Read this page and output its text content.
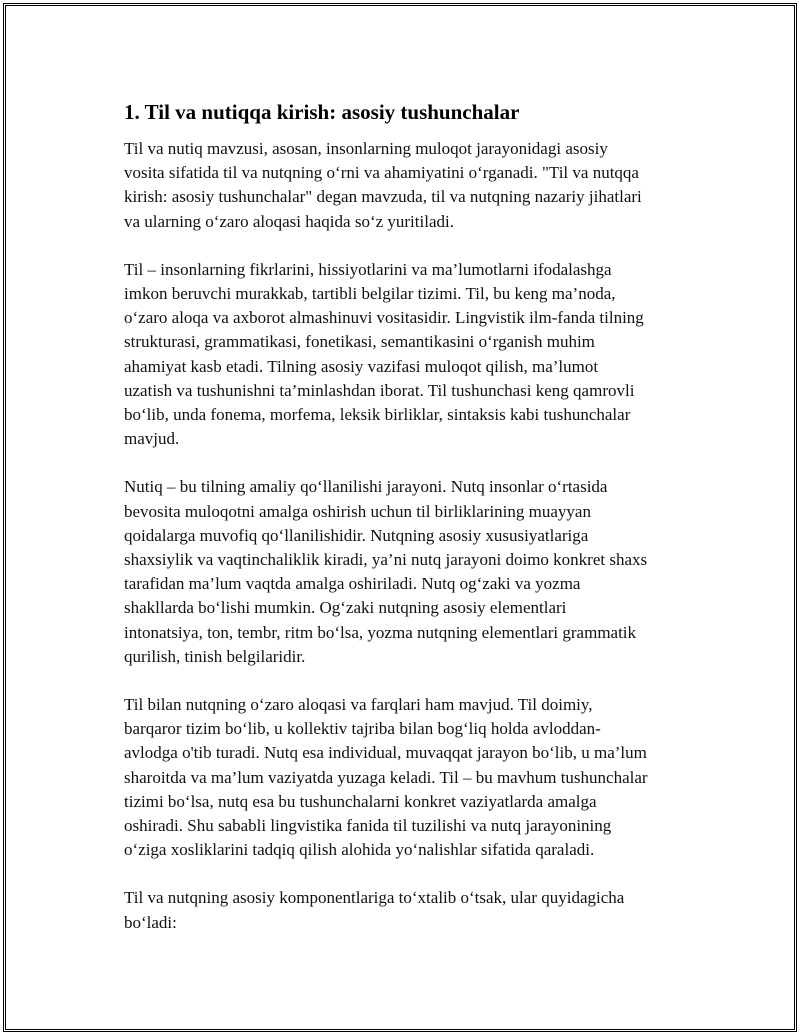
1. Til va nutiqqa kirish: asosiy tushunchalar
Til va nutiq mavzusi, asosan, insonlarning muloqot jarayonidagi asosiy
vosita sifatida til va nutqning o‘rni va ahamiyatini o‘rganadi. "Til va nutqqa
kirish: asosiy tushunchalar" degan mavzuda, til va nutqning nazariy jihatlari
va ularning o‘zaro aloqasi haqida so‘z yuritiladi.
Til – insonlarning fikrlarini, hissiyotlarini va ma’lumotlarni ifodalashga
imkon beruvchi murakkab, tartibli belgilar tizimi. Til, bu keng ma’noda,
o‘zaro aloqa va axborot almashinuvi vositasidir. Lingvistik ilm-fanda tilning
strukturasi, grammatikasi, fonetikasi, semantikasini o‘rganish muhim
ahamiyat kasb etadi. Tilning asosiy vazifasi muloqot qilish, ma’lumot
uzatish va tushunishni ta’minlashdan iborat. Til tushunchasi keng qamrovli
bo‘lib, unda fonema, morfema, leksik birliklar, sintaksis kabi tushunchalar
mavjud.
Nutiq – bu tilning amaliy qo‘llanilishi jarayoni. Nutq insonlar o‘rtasida
bevosita muloqotni amalga oshirish uchun til birliklarining muayyan
qoidalarga muvofiq qo‘llanilishidir. Nutqning asosiy xususiyatlariga
shaxsiylik va vaqtinchaliklik kiradi, ya’ni nutq jarayoni doimo konkret shaxs
tarafidan ma’lum vaqtda amalga oshiriladi. Nutq og‘zaki va yozma
shakllarda bo‘lishi mumkin. Og‘zaki nutqning asosiy elementlari
intonatsiya, ton, tembr, ritm bo‘lsa, yozma nutqning elementlari grammatik
qurilish, tinish belgilaridir.
Til bilan nutqning o‘zaro aloqasi va farqlari ham mavjud. Til doimiy,
barqaror tizim bo‘lib, u kollektiv tajriba bilan bog‘liq holda avloddan-
avlodga o'tib turadi. Nutq esa individual, muvaqqat jarayon bo‘lib, u ma’lum
sharoitda va ma’lum vaziyatda yuzaga keladi. Til – bu mavhum tushunchalar
tizimi bo‘lsa, nutq esa bu tushunchalarni konkret vaziyatlarda amalga
oshiradi. Shu sababli lingvistika fanida til tuzilishi va nutq jarayonining
o‘ziga xosliklarini tadqiq qilish alohida yo‘nalishlar sifatida qaraladi.
Til va nutqning asosiy komponentlariga to‘xtalib o‘tsak, ular quyidagicha
bo‘ladi:
